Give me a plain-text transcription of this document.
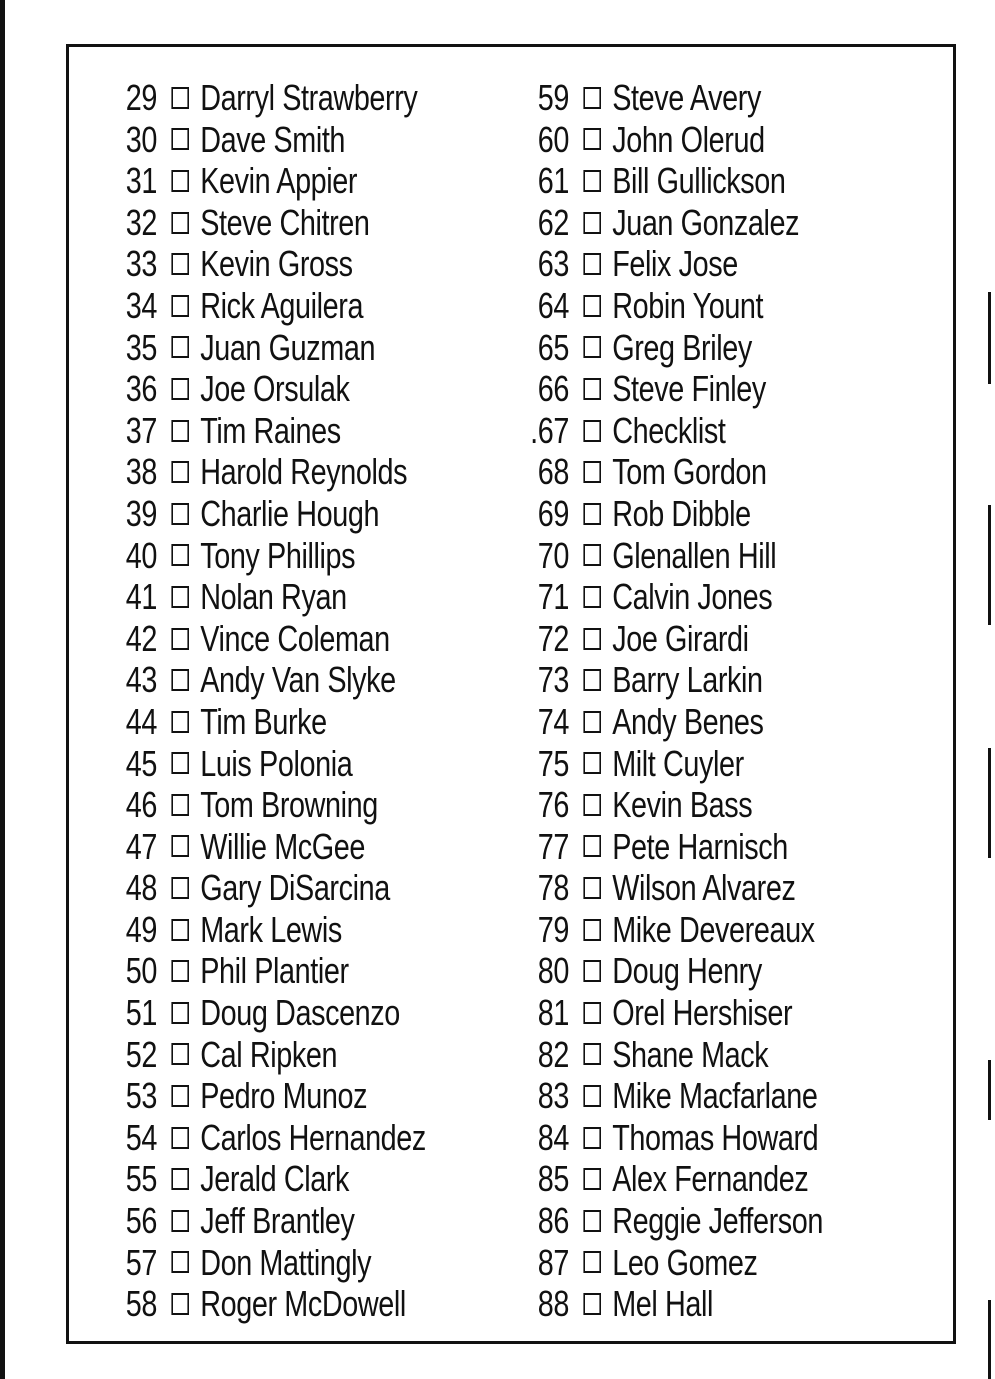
29 Darryl Strawberry
30 Dave Smith
31 Kevin Appier
32 Steve Chitren
33 Kevin Gross
34 Rick Aguilera
35 Juan Guzman
36 Joe Orsulak
37 Tim Raines
38 Harold Reynolds
39 Charlie Hough
40 Tony Phillips
41 Nolan Ryan
42 Vince Coleman
43 Andy Van Slyke
44 Tim Burke
45 Luis Polonia
46 Tom Browning
47 Willie McGee
48 Gary DiSarcina
49 Mark Lewis
50 Phil Plantier
51 Doug Dascenzo
52 Cal Ripken
53 Pedro Munoz
54 Carlos Hernandez
55 Jerald Clark
56 Jeff Brantley
57 Don Mattingly
58 Roger McDowell
59 Steve Avery
60 John Olerud
61 Bill Gullickson
62 Juan Gonzalez
63 Felix Jose
64 Robin Yount
65 Greg Briley
66 Steve Finley
.67 Checklist
68 Tom Gordon
69 Rob Dibble
70 Glenallen Hill
71 Calvin Jones
72 Joe Girardi
73 Barry Larkin
74 Andy Benes
75 Milt Cuyler
76 Kevin Bass
77 Pete Harnisch
78 Wilson Alvarez
79 Mike Devereaux
80 Doug Henry
81 Orel Hershiser
82 Shane Mack
83 Mike Macfarlane
84 Thomas Howard
85 Alex Fernandez
86 Reggie Jefferson
87 Leo Gomez
88 Mel Hall
